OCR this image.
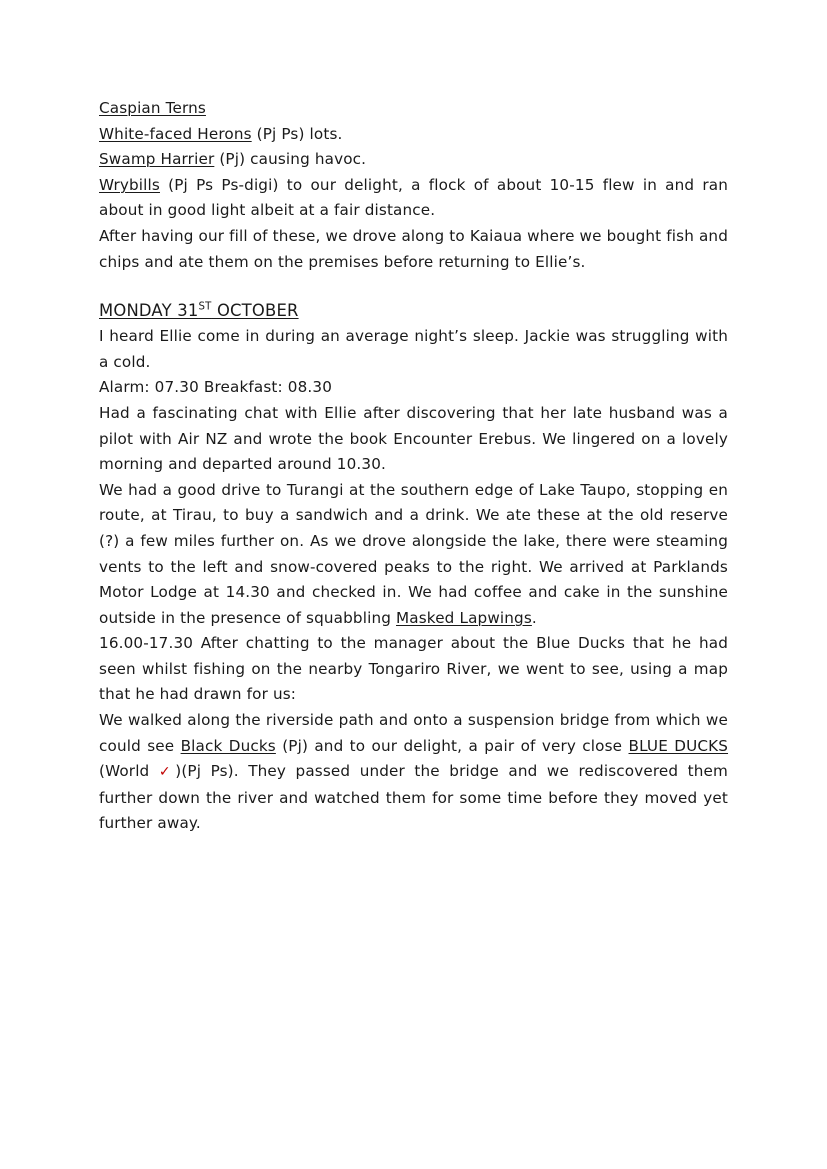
Caspian Terns

White-faced Herons (Pj Ps) lots.

Swamp Harrier (Pj) causing havoc.

Wrybills (Pj Ps Ps-digi) to our delight, a flock of about 10-15 flew in and ran about in good light albeit at a fair distance.

After having our fill of these, we drove along to Kaiaua where we bought fish and chips and ate them on the premises before returning to Ellie’s.

MONDAY 31ST OCTOBER

I heard Ellie come in during an average night’s sleep. Jackie was struggling with a cold.

Alarm: 07.30 Breakfast: 08.30

Had a fascinating chat with Ellie after discovering that her late husband was a pilot with Air NZ and wrote the book Encounter Erebus. We lingered on a lovely morning and departed around 10.30.

We had a good drive to Turangi at the southern edge of Lake Taupo, stopping en route, at Tirau, to buy a sandwich and a drink. We ate these at the old reserve (?) a few miles further on. As we drove alongside the lake, there were steaming vents to the left and snow-covered peaks to the right. We arrived at Parklands Motor Lodge at 14.30 and checked in. We had coffee and cake in the sunshine outside in the presence of squabbling Masked Lapwings.

16.00-17.30 After chatting to the manager about the Blue Ducks that he had seen whilst fishing on the nearby Tongariro River, we went to see, using a map that he had drawn for us:

We walked along the riverside path and onto a suspension bridge from which we could see Black Ducks (Pj) and to our delight, a pair of very close BLUE DUCKS (World ✓)(Pj Ps). They passed under the bridge and we rediscovered them further down the river and watched them for some time before they moved yet further away.
